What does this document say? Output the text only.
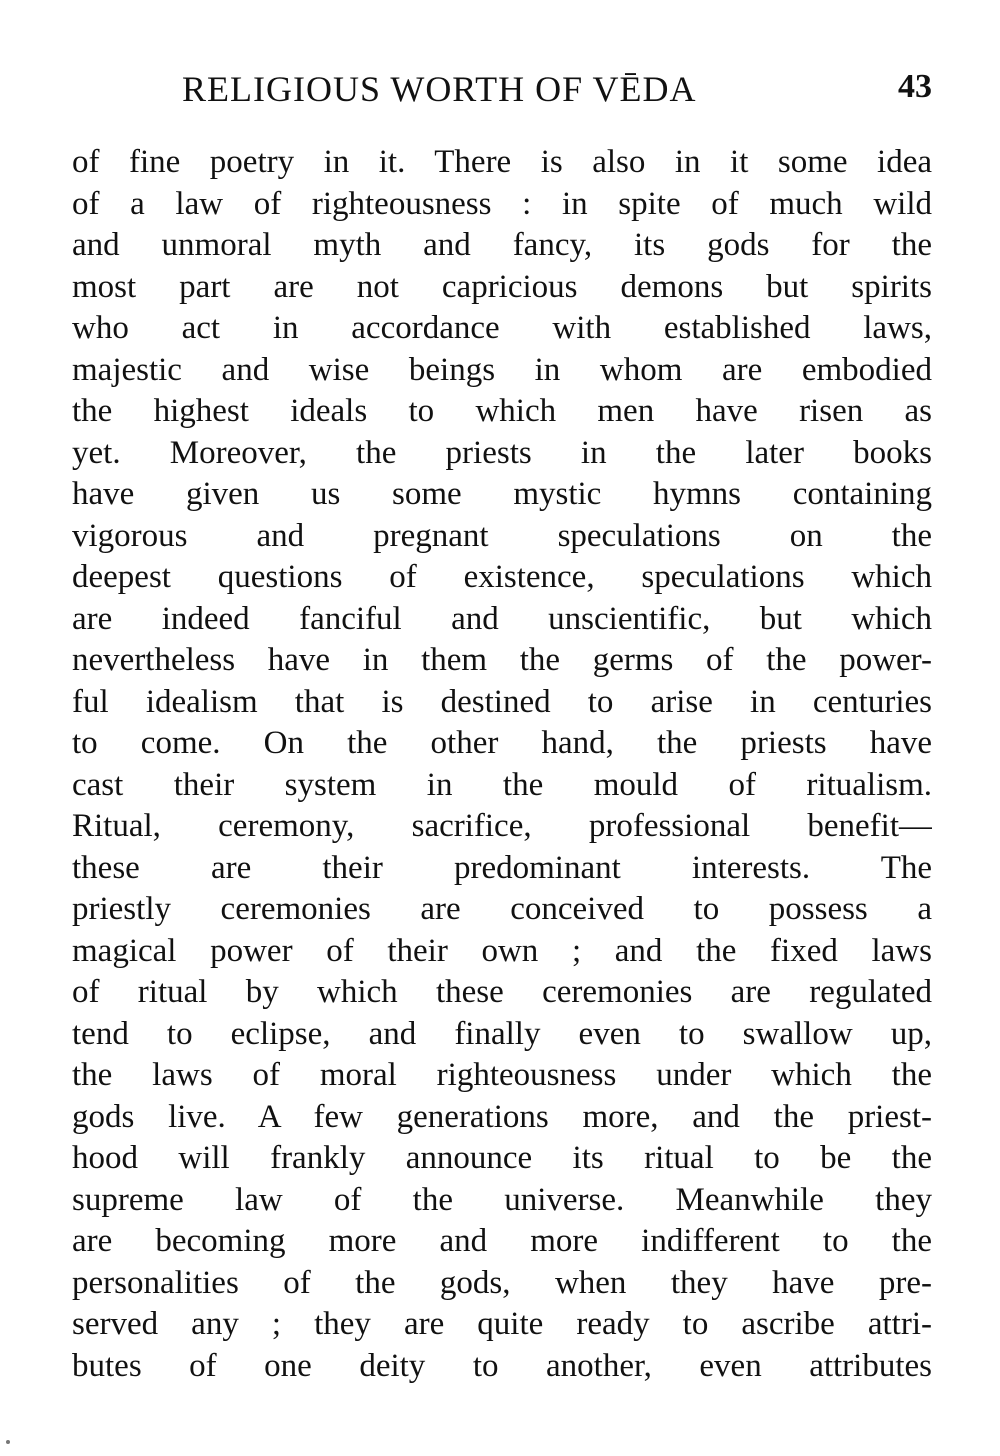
RELIGIOUS WORTH OF VĒDA	43
of fine poetry in it. There is also in it some idea
of a law of righteousness : in spite of much wild
and unmoral myth and fancy, its gods for the
most part are not capricious demons but spirits
who act in accordance with established laws,
majestic and wise beings in whom are embodied
the highest ideals to which men have risen as
yet. Moreover, the priests in the later books
have given us some mystic hymns containing
vigorous and pregnant speculations on the
deepest questions of existence, speculations which
are indeed fanciful and unscientific, but which
nevertheless have in them the germs of the power-
ful idealism that is destined to arise in centuries
to come. On the other hand, the priests have
cast their system in the mould of ritualism.
Ritual, ceremony, sacrifice, professional benefit—
these are their predominant interests. The
priestly ceremonies are conceived to possess a
magical power of their own ; and the fixed laws
of ritual by which these ceremonies are regulated
tend to eclipse, and finally even to swallow up,
the laws of moral righteousness under which the
gods live. A few generations more, and the priest-
hood will frankly announce its ritual to be the
supreme law of the universe. Meanwhile they
are becoming more and more indifferent to the
personalities of the gods, when they have pre-
served any ; they are quite ready to ascribe attri-
butes of one deity to another, even attributes
